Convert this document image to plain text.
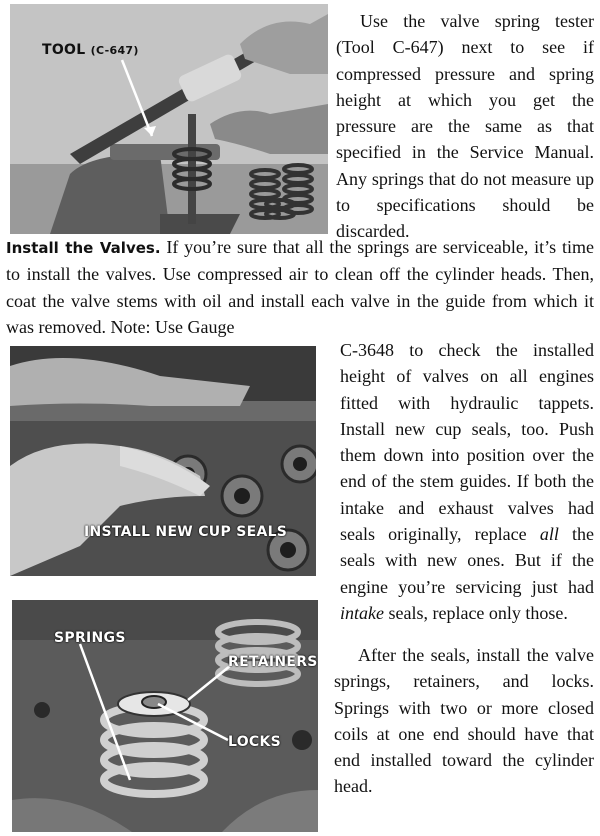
TOOL (C-647)

Use the valve spring tester (Tool C-647) next to see if compressed pressure and spring height at which you get the pressure are the same as that specified in the Service Manual. Any springs that do not measure up to specifications should be discarded.

Install the Valves. If you’re sure that all the springs are serviceable, it’s time to install the valves. Use compressed air to clean off the cylinder heads. Then, coat the valve stems with oil and install each valve in the guide from which it was removed. Note: Use Gauge

INSTALL NEW CUP SEALS

C-3648 to check the installed height of valves on all engines fitted with hydraulic tappets. Install new cup seals, too. Push them down into position over the end of the stem guides. If both the intake and exhaust valves had seals originally, replace all the seals with new ones. But if the engine you’re servicing just had intake seals, replace only those.

SPRINGS
RETAINERS
LOCKS

After the seals, install the valve springs, retainers, and locks. Springs with two or more closed coils at one end should have that end installed toward the cylinder head.
